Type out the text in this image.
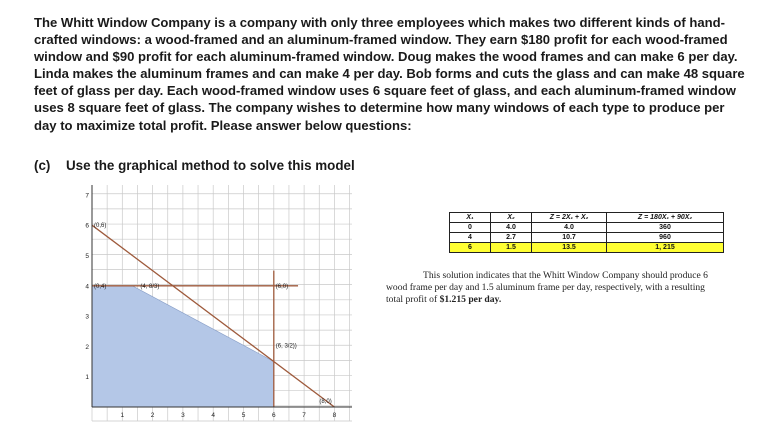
The Whitt Window Company is a company with only three employees which makes two different kinds of hand-crafted windows: a wood-framed and an aluminum-framed window. They earn $180 profit for each wood-framed window and $90 profit for each aluminum-framed window. Doug makes the wood frames and can make 6 per day. Linda makes the aluminum frames and can make 4 per day. Bob forms and cuts the glass and can make 48 square feet of glass per day. Each wood-framed window uses 6 square feet of glass, and each aluminum-framed window uses 8 square feet of glass. The company wishes to determine how many windows of each type to produce per day to maximize total profit. Please answer below questions:

(c) Use the graphical method to solve this model
1	2	3	4	5	6	7	8
1
2
3
4
5
6
7
(0,6)
(0,4)	(4, 8/3)	(6,0)
(6, 3/2))
(8,0)
X₁	X₂	Z = 2X₁ + X₂	Z = 180X₁ + 90X₂
0	4.0	4.0	360
4	2.7	10.7	960
6	1.5	13.5	1, 215

This solution indicates that the Whitt Window Company should produce 6
wood frame per day and 1.5 aluminum frame per day, respectively, with a resulting
total profit of $1.215 per day.
